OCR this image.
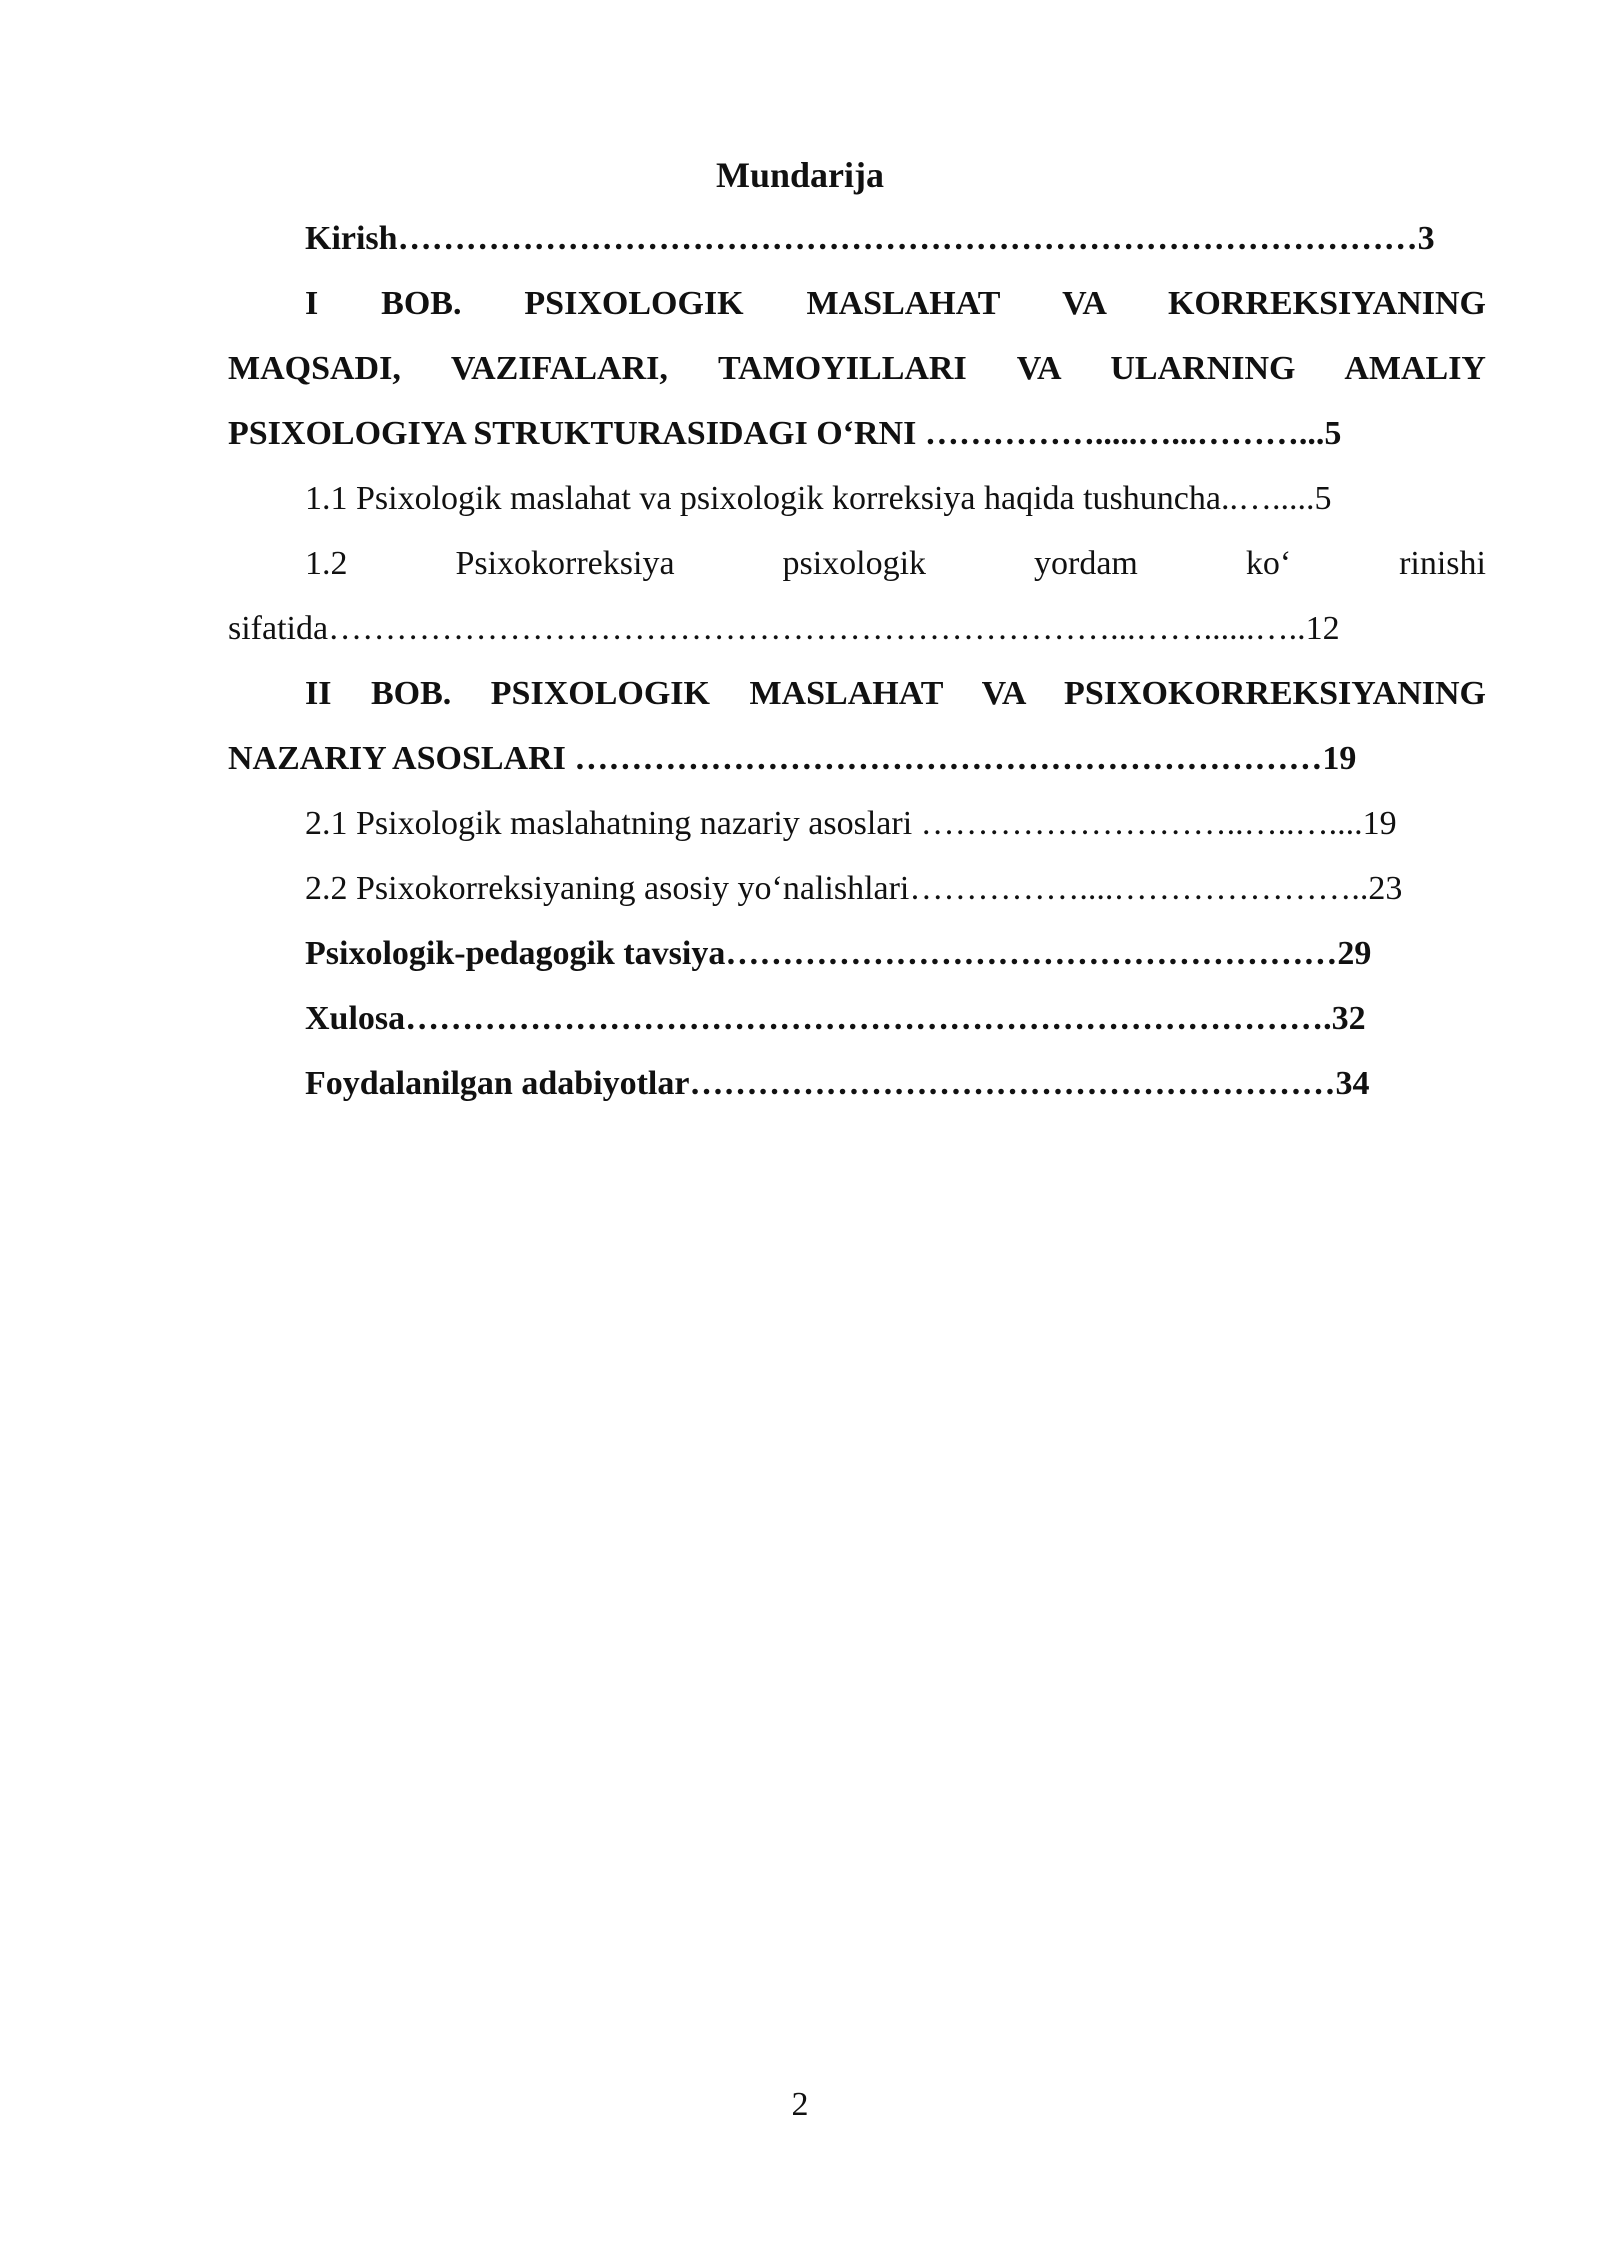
Mundarija
Kirish………………………………………………………………………………3
I BOB. PSIXOLOGIK MASLAHAT VA KORREKSIYANING
MAQSADI, VAZIFALARI, TAMOYILLARI VA ULARNING AMALIY
PSIXOLOGIYA STRUKTURASIDAGI O‘RNI …………….....…...………...5
1.1 Psixologik maslahat va psixologik korreksiya haqida tushuncha..….....5
1.2 Psixokorreksiya psixologik yordam ko‘ rinishi
sifatida……………………………………………………………...……......…..12
II BOB. PSIXOLOGIK MASLAHAT VA PSIXOKORREKSIYANING
NAZARIY ASOSLARI …………………………………………………………19
2.1 Psixologik maslahatning nazariy asoslari ………………………..…..…....19
2.2 Psixokorreksiyaning asosiy yo‘nalishlari……………....…………………..23
Psixologik-pedagogik tavsiya………………………………………………29
Xulosa……………………………………………………………………….32
Foydalanilgan adabiyotlar…………………………………………………34
2
